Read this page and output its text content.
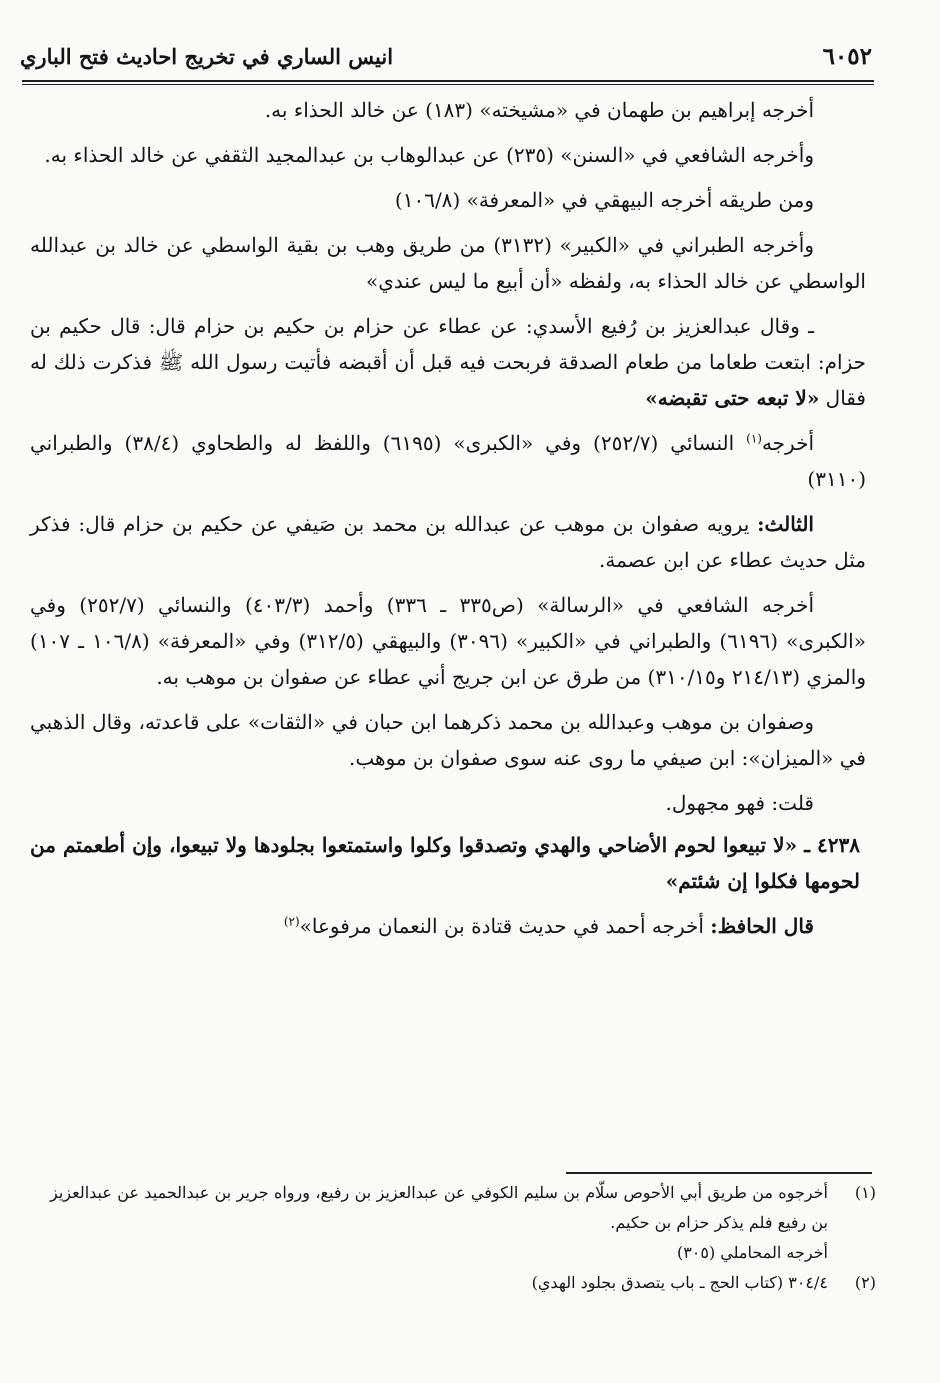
٦٠٥٢
انيس الساري في تخريج احاديث فتح الباري

أخرجه إبراهيم بن طهمان في «مشيخته» (١٨٣) عن خالد الحذاء به.

وأخرجه الشافعي في «السنن» (٢٣٥) عن عبدالوهاب بن عبدالمجيد الثقفي عن خالد الحذاء به.

ومن طريقه أخرجه البيهقي في «المعرفة» (١٠٦/٨)

وأخرجه الطبراني في «الكبير» (٣١٣٢) من طريق وهب بن بقية الواسطي عن خالد بن عبدالله الواسطي عن خالد الحذاء به، ولفظه «أن أبيع ما ليس عندي»

ـ وقال عبدالعزيز بن رُفيع الأسدي: عن عطاء عن حزام بن حكيم بن حزام قال: قال حكيم بن حزام: ابتعت طعاما من طعام الصدقة فربحت فيه قبل أن أقبضه فأتيت رسول الله ﷺ فذكرت ذلك له فقال «لا تبعه حتى تقبضه»

أخرجه$^{(١)}$ النسائي (٢٥٢/٧) وفي «الكبرى» (٦١٩٥) واللفظ له والطحاوي (٣٨/٤) والطبراني (٣١١٠)

الثالث: يرويه صفوان بن موهب عن عبدالله بن محمد بن صَيفي عن حكيم بن حزام قال: فذكر مثل حديث عطاء عن ابن عصمة.

أخرجه الشافعي في «الرسالة» (ص٣٣٥ ـ ٣٣٦) وأحمد (٤٠٣/٣) والنسائي (٢٥٢/٧) وفي «الكبرى» (٦١٩٦) والطبراني في «الكبير» (٣٠٩٦) والبيهقي (٣١٢/٥) وفي «المعرفة» (١٠٦/٨ ـ ١٠٧) والمزي (٢١٤/١٣ و٣١٠/١٥) من طرق عن ابن جريج أني عطاء عن صفوان بن موهب به.

وصفوان بن موهب وعبدالله بن محمد ذكرهما ابن حبان في «الثقات» على قاعدته، وقال الذهبي في «الميزان»: ابن صيفي ما روى عنه سوى صفوان بن موهب.

قلت: فهو مجهول.

٤٢٣٨ ـ «لا تبيعوا لحوم الأضاحي والهدي وتصدقوا وكلوا واستمتعوا بجلودها ولا تبيعوا، وإن أطعمتم من لحومها فكلوا إن شئتم»

قال الحافظ: أخرجه أحمد في حديث قتادة بن النعمان مرفوعا»$^{(٢)}$

(١)
أخرجوه من طريق أبي الأحوص سلّام بن سليم الكوفي عن عبدالعزيز بن رفيع، ورواه جرير بن عبدالحميد عن عبدالعزيز بن رفيع فلم يذكر حزام بن حكيم.
أخرجه المحاملي (٣٠٥)
(٢)
٣٠٤/٤ (كتاب الحج ـ باب يتصدق بجلود الهدي)
